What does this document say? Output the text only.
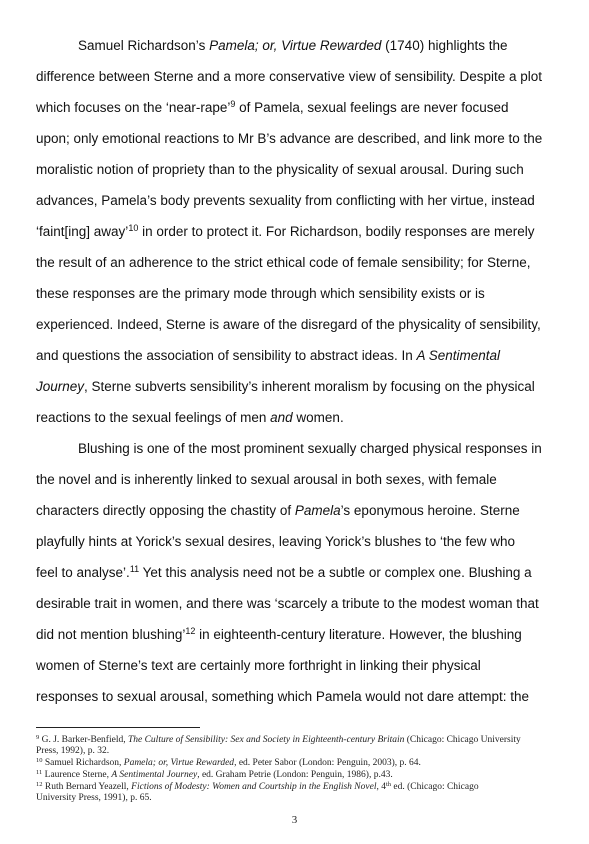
Samuel Richardson’s Pamela; or, Virtue Rewarded (1740) highlights the
difference between Sterne and a more conservative view of sensibility. Despite a plot
which focuses on the ‘near-rape’$^9$ of Pamela, sexual feelings are never focused
upon; only emotional reactions to Mr B’s advance are described, and link more to the
moralistic notion of propriety than to the physicality of sexual arousal. During such
advances, Pamela’s body prevents sexuality from conflicting with her virtue, instead
‘faint[ing] away’$^{10}$ in order to protect it. For Richardson, bodily responses are merely
the result of an adherence to the strict ethical code of female sensibility; for Sterne,
these responses are the primary mode through which sensibility exists or is
experienced. Indeed, Sterne is aware of the disregard of the physicality of sensibility,
and questions the association of sensibility to abstract ideas. In A Sentimental
Journey, Sterne subverts sensibility’s inherent moralism by focusing on the physical
reactions to the sexual feelings of men and women.
Blushing is one of the most prominent sexually charged physical responses in
the novel and is inherently linked to sexual arousal in both sexes, with female
characters directly opposing the chastity of Pamela’s eponymous heroine. Sterne
playfully hints at Yorick’s sexual desires, leaving Yorick’s blushes to ‘the few who
feel to analyse’.$^{11}$ Yet this analysis need not be a subtle or complex one. Blushing a
desirable trait in women, and there was ‘scarcely a tribute to the modest woman that
did not mention blushing’$^{12}$ in eighteenth-century literature. However, the blushing
women of Sterne’s text are certainly more forthright in linking their physical
responses to sexual arousal, something which Pamela would not dare attempt: the
$^9$ G. J. Barker-Benfield, The Culture of Sensibility: Sex and Society in Eighteenth-century Britain (Chicago: Chicago University
Press, 1992), p. 32.
$^{10}$ Samuel Richardson, Pamela; or, Virtue Rewarded, ed. Peter Sabor (London: Penguin, 2003), p. 64.
$^{11}$ Laurence Sterne, A Sentimental Journey, ed. Graham Petrie (London: Penguin, 1986), p.43.
$^{12}$ Ruth Bernard Yeazell, Fictions of Modesty: Women and Courtship in the English Novel, 4th ed. (Chicago: Chicago
University Press, 1991), p. 65.
3
